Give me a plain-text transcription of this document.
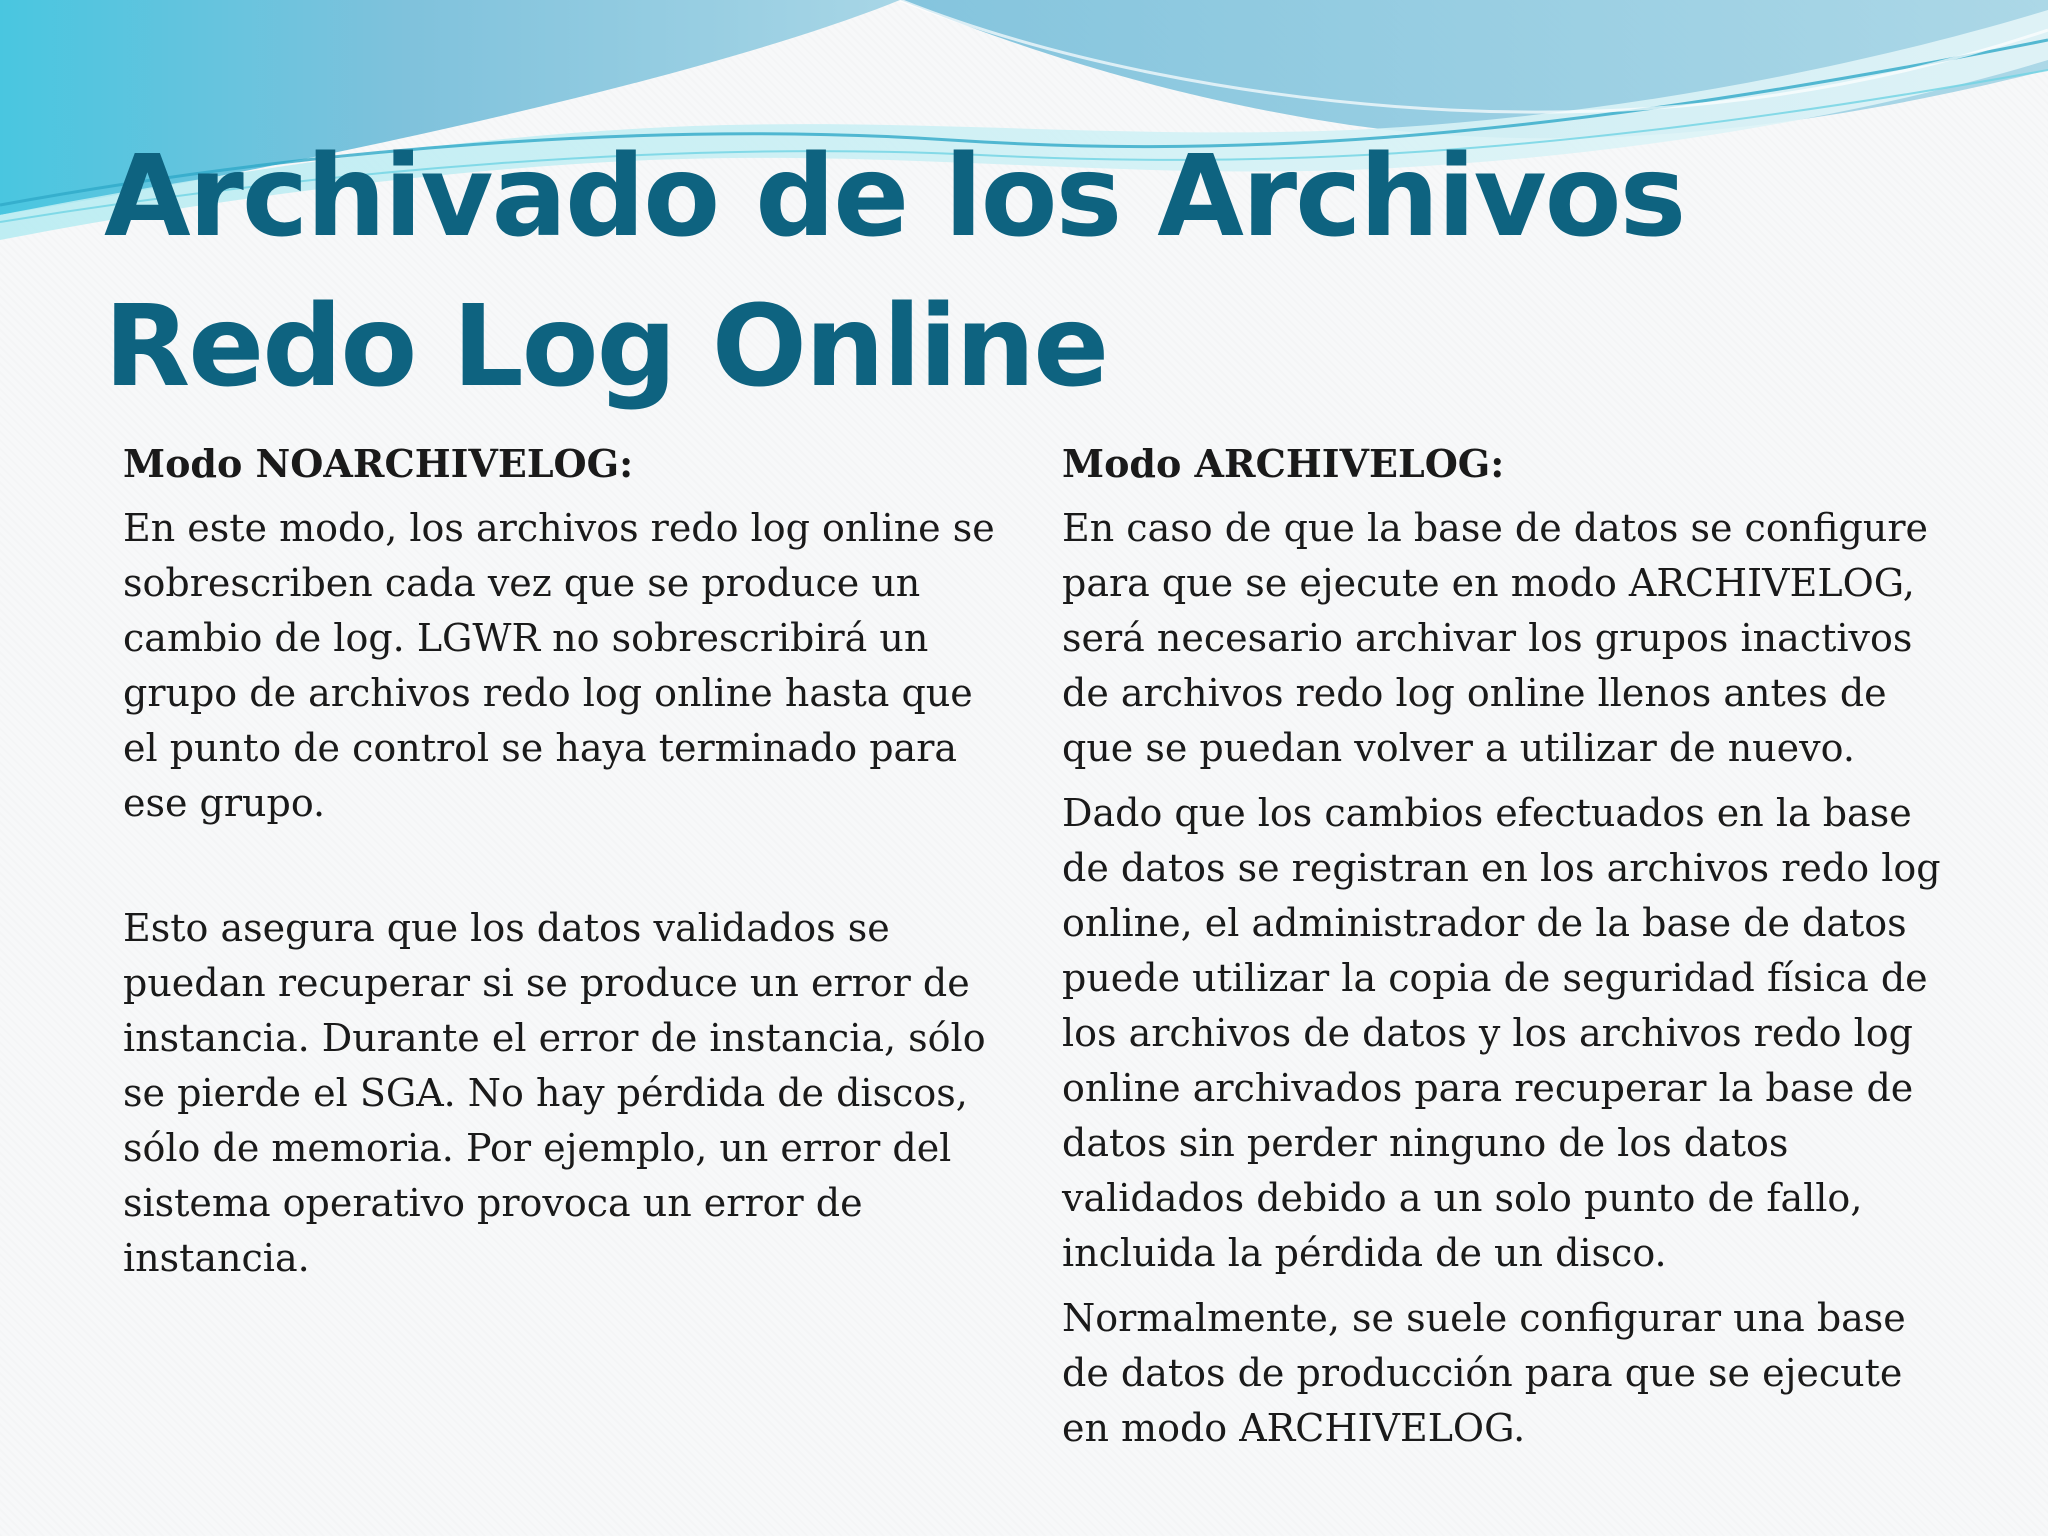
Archivado de los Archivos Redo Log Online

Modo NOARCHIVELOG:

En este modo, los archivos redo log online se sobrescriben cada vez que se produce un cambio de log. LGWR no sobrescribirá un grupo de archivos redo log online hasta que el punto de control se haya terminado para ese grupo.

Esto asegura que los datos validados se puedan recuperar si se produce un error de instancia. Durante el error de instancia, sólo se pierde el SGA. No hay pérdida de discos, sólo de memoria. Por ejemplo, un error del sistema operativo provoca un error de instancia.

Modo ARCHIVELOG:

En caso de que la base de datos se configure para que se ejecute en modo ARCHIVELOG, será necesario archivar los grupos inactivos de archivos redo log online llenos antes de que se puedan volver a utilizar de nuevo.

Dado que los cambios efectuados en la base de datos se registran en los archivos redo log online, el administrador de la base de datos puede utilizar la copia de seguridad física de los archivos de datos y los archivos redo log online archivados para recuperar la base de datos sin perder ninguno de los datos validados debido a un solo punto de fallo, incluida la pérdida de un disco.

Normalmente, se suele configurar una base de datos de producción para que se ejecute en modo ARCHIVELOG.
